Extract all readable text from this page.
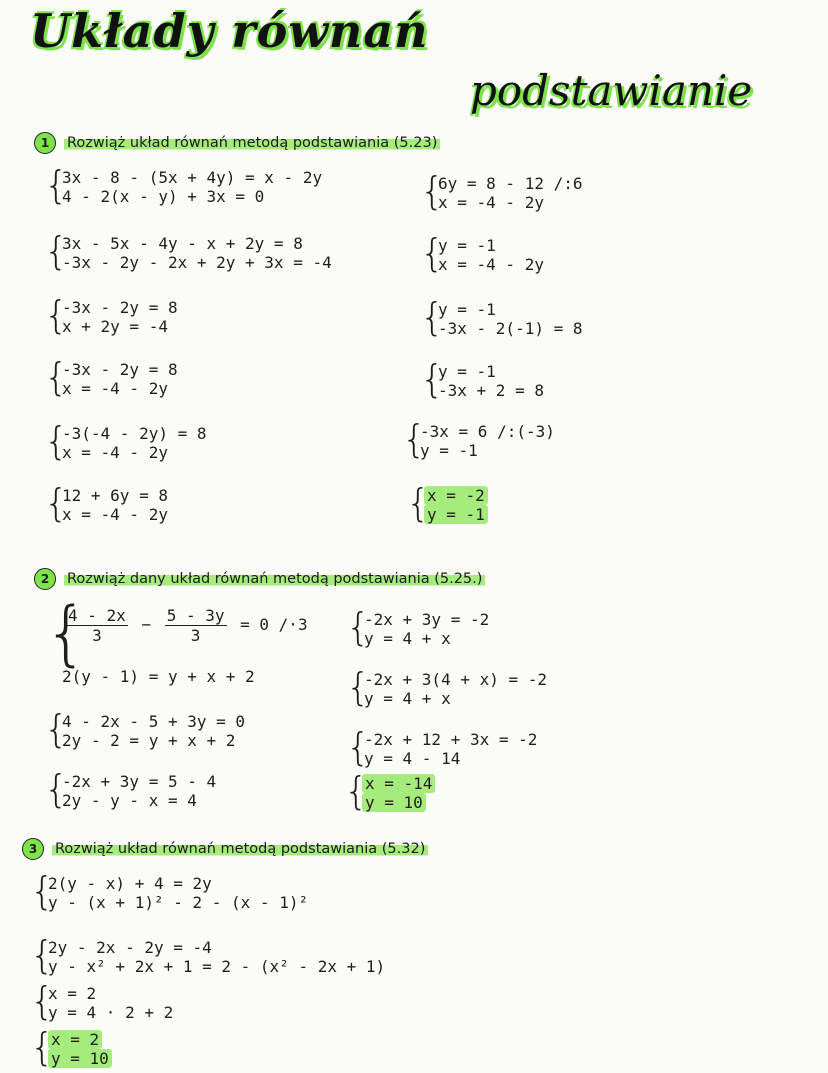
Układy równań
podstawianie
1 Rozwiąż układ równań metodą podstawiania (5.23)
{ 3x - 8 - (5x + 4y) = x - 2y
4 - 2(x - y) + 3x = 0
{ 3x - 5x - 4y - x + 2y = 8
-3x - 2y - 2x + 2y + 3x = -4
{ -3x - 2y = 8
x + 2y = -4
{ -3x - 2y = 8
x = -4 - 2y
{ -3(-4 - 2y) = 8
x = -4 - 2y
{ 12 + 6y = 8
x = -4 - 2y
{ 6y = 8 - 12 /:6
x = -4 - 2y
{ y = -1
x = -4 - 2y
{ y = -1
-3x - 2(-1) = 8
{ y = -1
-3x + 2 = 8
{ -3x = 6 /:(-3)
y = -1
{ x = -2
y = -1
2 Rozwiąż dany układ równań metodą podstawiania (5.25.)
{ $\frac{4 - 2x}{3} - \frac{5 - 3y}{3} = 0$ /·3
2(y - 1) = y + x + 2
{ 4 - 2x - 5 + 3y = 0
2y - 2 = y + x + 2
{ -2x + 3y = 5 - 4
2y - y - x = 4
{ -2x + 3y = -2
y = 4 + x
{ -2x + 3(4 + x) = -2
y = 4 + x
{ -2x + 12 + 3x = -2
y = 4 - 14
{ x = -14
y = 10
3 Rozwiąż układ równań metodą podstawiania (5.32)
{ 2(y - x) + 4 = 2y
y - (x + 1)² - 2 - (x - 1)²
{ 2y - 2x - 2y = -4
y - x² + 2x + 1 = 2 - (x² - 2x + 1)
{ x = 2
y = 4 · 2 + 2
{ x = 2
y = 10
